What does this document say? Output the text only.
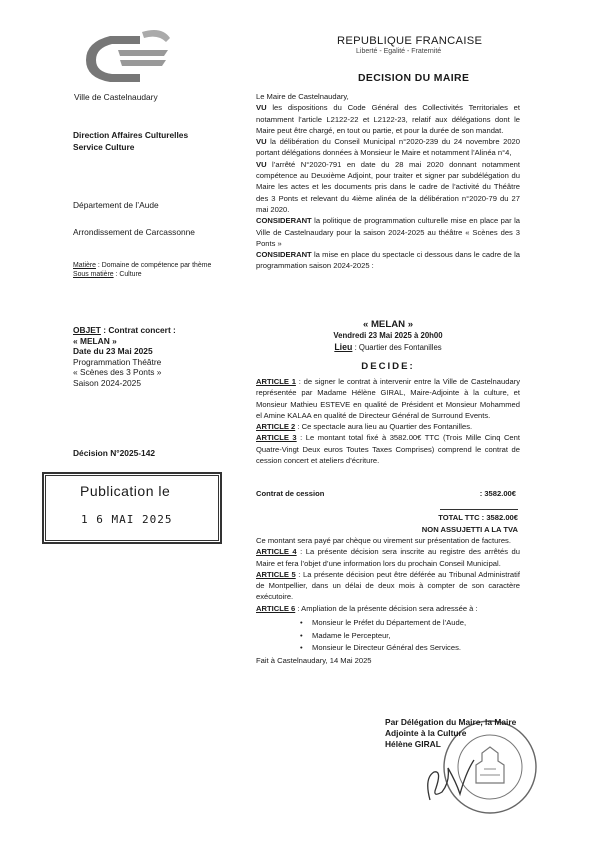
Ville de Castelnaudary
Direction Affaires Culturelles
Service Culture
Département de l’Aude
Arrondissement de Carcassonne
Matière : Domaine de compétence par thème
Sous matière : Culture
OBJET : Contrat concert :
« MELAN »
Date du 23 Mai 2025
Programmation Théâtre
« Scènes des 3 Ponts »
Saison 2024-2025
Décision N°2025-142
Publication le
1 6 MAI 2025
REPUBLIQUE FRANCAISE
Liberté - Egalité - Fraternité
DECISION DU MAIRE

Le Maire de Castelnaudary,

VU les dispositions du Code Général des Collectivités Territoriales et notamment l’article L2122-22 et L2122-23, relatif aux délégations dont le Maire peut être chargé, en tout ou partie, et pour la durée de son mandat.

VU la délibération du Conseil Municipal n°2020-239 du 24 novembre 2020 portant délégations données à Monsieur le Maire et notamment l’Alinéa n°4,

VU l’arrêté N°2020-791 en date du 28 mai 2020 donnant notamment compétence au Deuxième Adjoint, pour traiter et signer par subdélégation du Maire les actes et les documents pris dans le cadre de l’activité du Théâtre des 3 Ponts et relevant du 4ième alinéa de la délibération n°2020-79 du 27 mai 2020.

CONSIDERANT la politique de programmation culturelle mise en place par la Ville de Castelnaudary pour la saison 2024-2025 au théâtre « Scènes des 3 Ponts »

CONSIDERANT la mise en place du spectacle ci dessous dans le cadre de la programmation saison 2024-2025 :

« MELAN »
Vendredi 23 Mai 2025 à 20h00
Lieu : Quartier des Fontanilles
DECIDE:

ARTICLE 1 : de signer le contrat à intervenir entre la Ville de Castelnaudary représentée par Madame Hélène GIRAL, Maire-Adjointe à la culture, et Monsieur Mathieu ESTEVE en qualité de Président et Monsieur Mohammed el Amine KALAA en qualité de Directeur Général de Surround Events.

ARTICLE 2 : Ce spectacle aura lieu au Quartier des Fontanilles.

ARTICLE 3 : Le montant total fixé à 3582.00€ TTC (Trois Mille Cinq Cent Quatre-Vingt Deux euros Toutes Taxes Comprises) comprend le contrat de cession concert et ateliers d’écriture.

Contrat de cession	: 3582.00€
TOTAL TTC : 3582.00€
NON ASSUJETTI A LA TVA

Ce montant sera payé par chèque ou virement sur présentation de factures.

ARTICLE 4 : La présente décision sera inscrite au registre des arrêtés du Maire et fera l’objet d’une information lors du prochain Conseil Municipal.

ARTICLE 5 : La présente décision peut être déférée au Tribunal Administratif de Montpellier, dans un délai de deux mois à compter de son caractère exécutoire.

ARTICLE 6 : Ampliation de la présente décision sera adressée à :

• Monsieur le Préfet du Département de l’Aude,
• Madame le Percepteur,
• Monsieur le Directeur Général des Services.

Fait à Castelnaudary, 14 Mai 2025

Par Délégation du Maire, la Maire
Adjointe à la Culture
Hélène GIRAL
